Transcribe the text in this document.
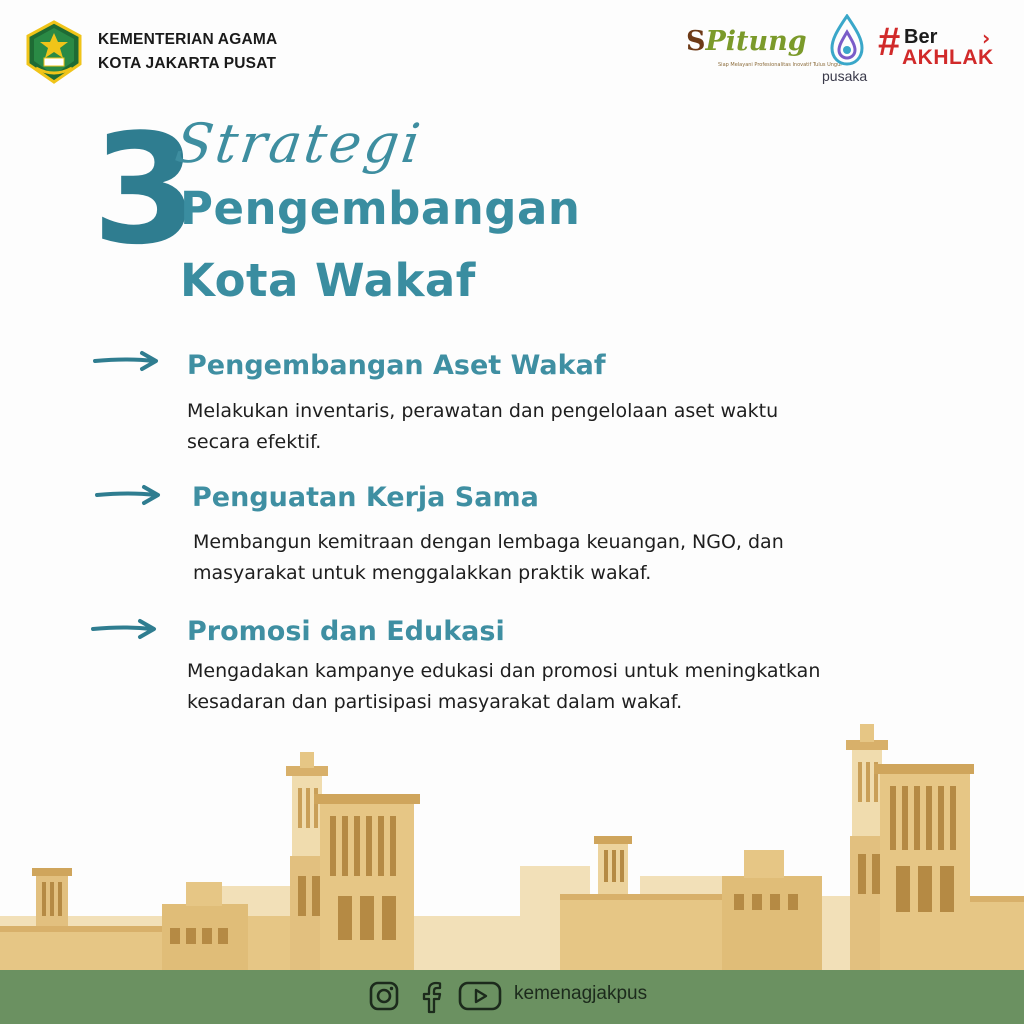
KEMENTERIAN AGAMA
KOTA JAKARTA PUSAT
SPitung
Siap Melayani Profesionalitas Inovatif Tulus Ungul
pusaka
# Ber
AKHLAK
›
3
Strategi
Pengembangan
Kota Wakaf
Pengembangan Aset Wakaf
Melakukan inventaris, perawatan dan pengelolaan aset waktu
secara efektif.
Penguatan Kerja Sama
Membangun kemitraan dengan lembaga keuangan, NGO, dan
masyarakat untuk menggalakkan praktik wakaf.
Promosi dan Edukasi
Mengadakan kampanye edukasi dan promosi untuk meningkatkan
kesadaran dan partisipasi masyarakat dalam wakaf.
kemenagjakpus
